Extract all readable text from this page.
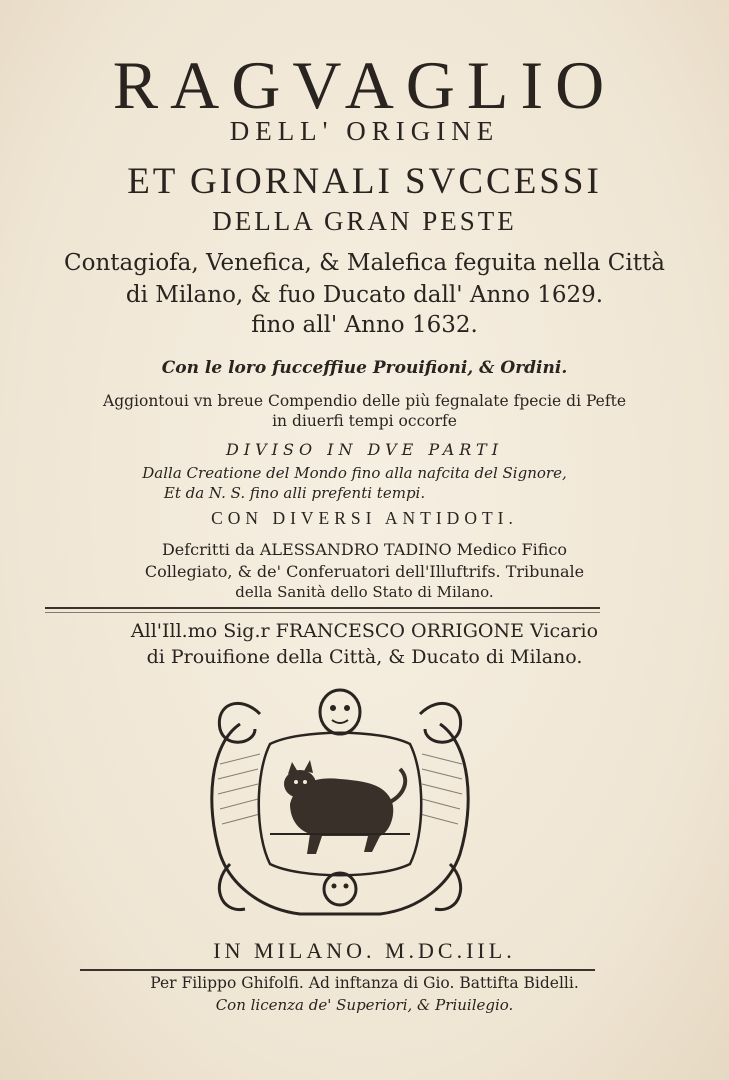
RAGVAGLIO
DELL' ORIGINE
ET GIORNALI SVCCESSI
DELLA GRAN PESTE
Contagiofa, Venefica, & Malefica feguita nella Città
di Milano, & fuo Ducato dall' Anno 1629.
fino all' Anno 1632.
Con le loro fucceffiue Prouifioni, & Ordini.
Aggiontoui vn breue Compendio delle più fegnalate fpecie di Pefte
in diuerfi tempi occorfe
DIVISO IN DVE PARTI
Dalla Creatione del Mondo fino alla nafcita del Signore,
Et da N. S. fino alli prefenti tempi.
CON DIVERSI ANTIDOTI.
Defcritti da ALESSANDRO TADINO Medico Fifico
Collegiato, & de' Conferuatori dell'Illuftrifs. Tribunale
della Sanità dello Stato di Milano.
All'Ill.mo Sig.r FRANCESCO ORRIGONE Vicario
di Prouifione della Città, & Ducato di Milano.
IN MILANO. M.DC.IIL.
Per Filippo Ghifolfi. Ad inftanza di Gio. Battifta Bidelli.
Con licenza de' Superiori, & Priuilegio.
